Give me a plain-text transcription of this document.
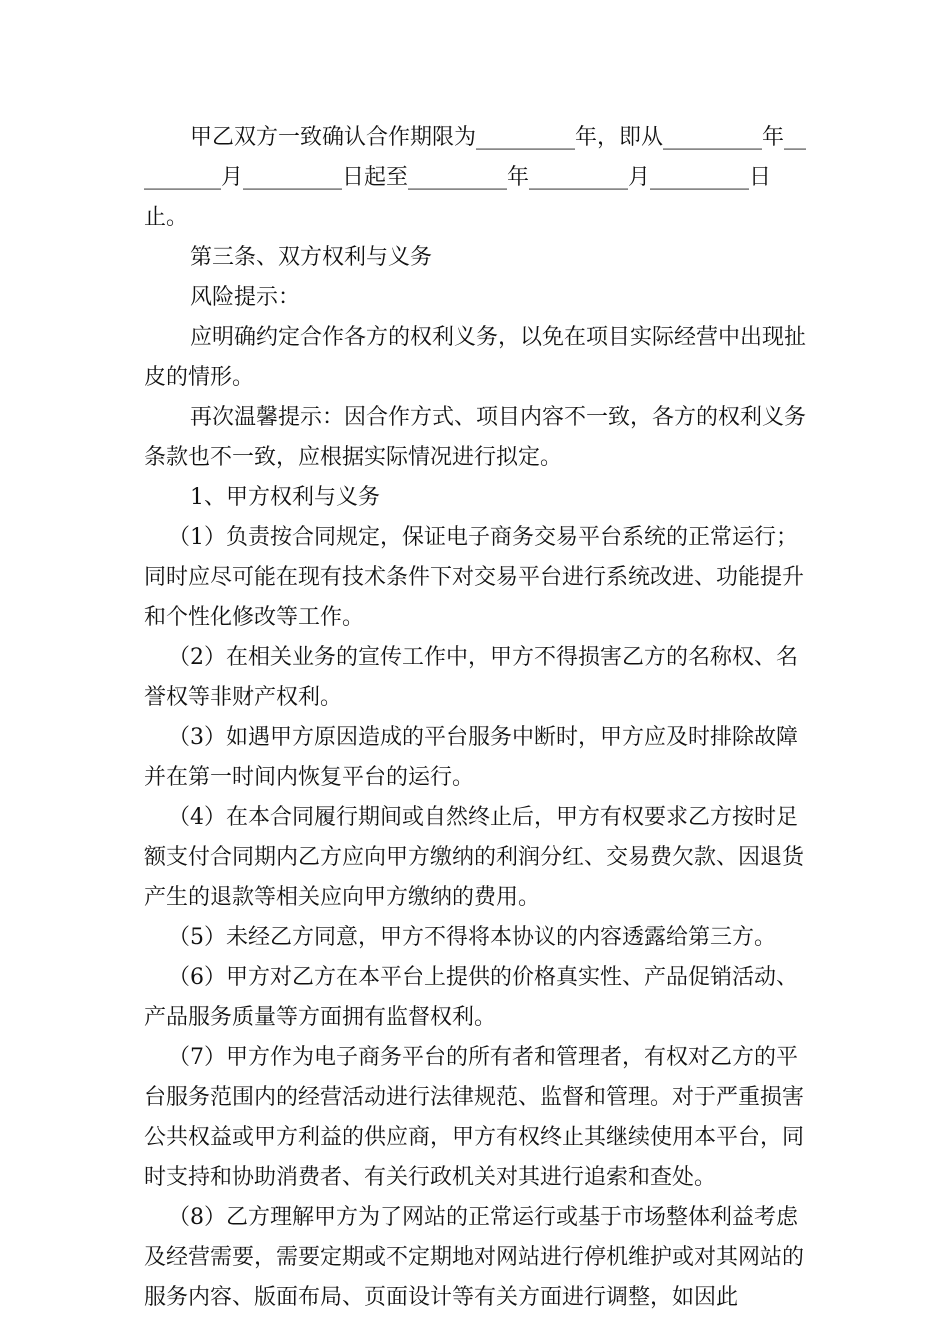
甲乙双方一致确认合作期限为_________年，即从_________年_________月_________日起至_________年_________月_________日止。

第三条、双方权利与义务

风险提示：

应明确约定合作各方的权利义务，以免在项目实际经营中出现扯皮的情形。

再次温馨提示：因合作方式、项目内容不一致，各方的权利义务条款也不一致，应根据实际情况进行拟定。

1、甲方权利与义务

（1）负责按合同规定，保证电子商务交易平台系统的正常运行；同时应尽可能在现有技术条件下对交易平台进行系统改进、功能提升和个性化修改等工作。

（2）在相关业务的宣传工作中，甲方不得损害乙方的名称权、名誉权等非财产权利。

（3）如遇甲方原因造成的平台服务中断时，甲方应及时排除故障并在第一时间内恢复平台的运行。

（4）在本合同履行期间或自然终止后，甲方有权要求乙方按时足额支付合同期内乙方应向甲方缴纳的利润分红、交易费欠款、因退货产生的退款等相关应向甲方缴纳的费用。

（5）未经乙方同意，甲方不得将本协议的内容透露给第三方。

（6）甲方对乙方在本平台上提供的价格真实性、产品促销活动、产品服务质量等方面拥有监督权利。

（7）甲方作为电子商务平台的所有者和管理者，有权对乙方的平台服务范围内的经营活动进行法律规范、监督和管理。对于严重损害公共权益或甲方利益的供应商，甲方有权终止其继续使用本平台，同时支持和协助消费者、有关行政机关对其进行追索和查处。

（8）乙方理解甲方为了网站的正常运行或基于市场整体利益考虑及经营需要，需要定期或不定期地对网站进行停机维护或对其网站的服务内容、版面布局、页面设计等有关方面进行调整，如因此
